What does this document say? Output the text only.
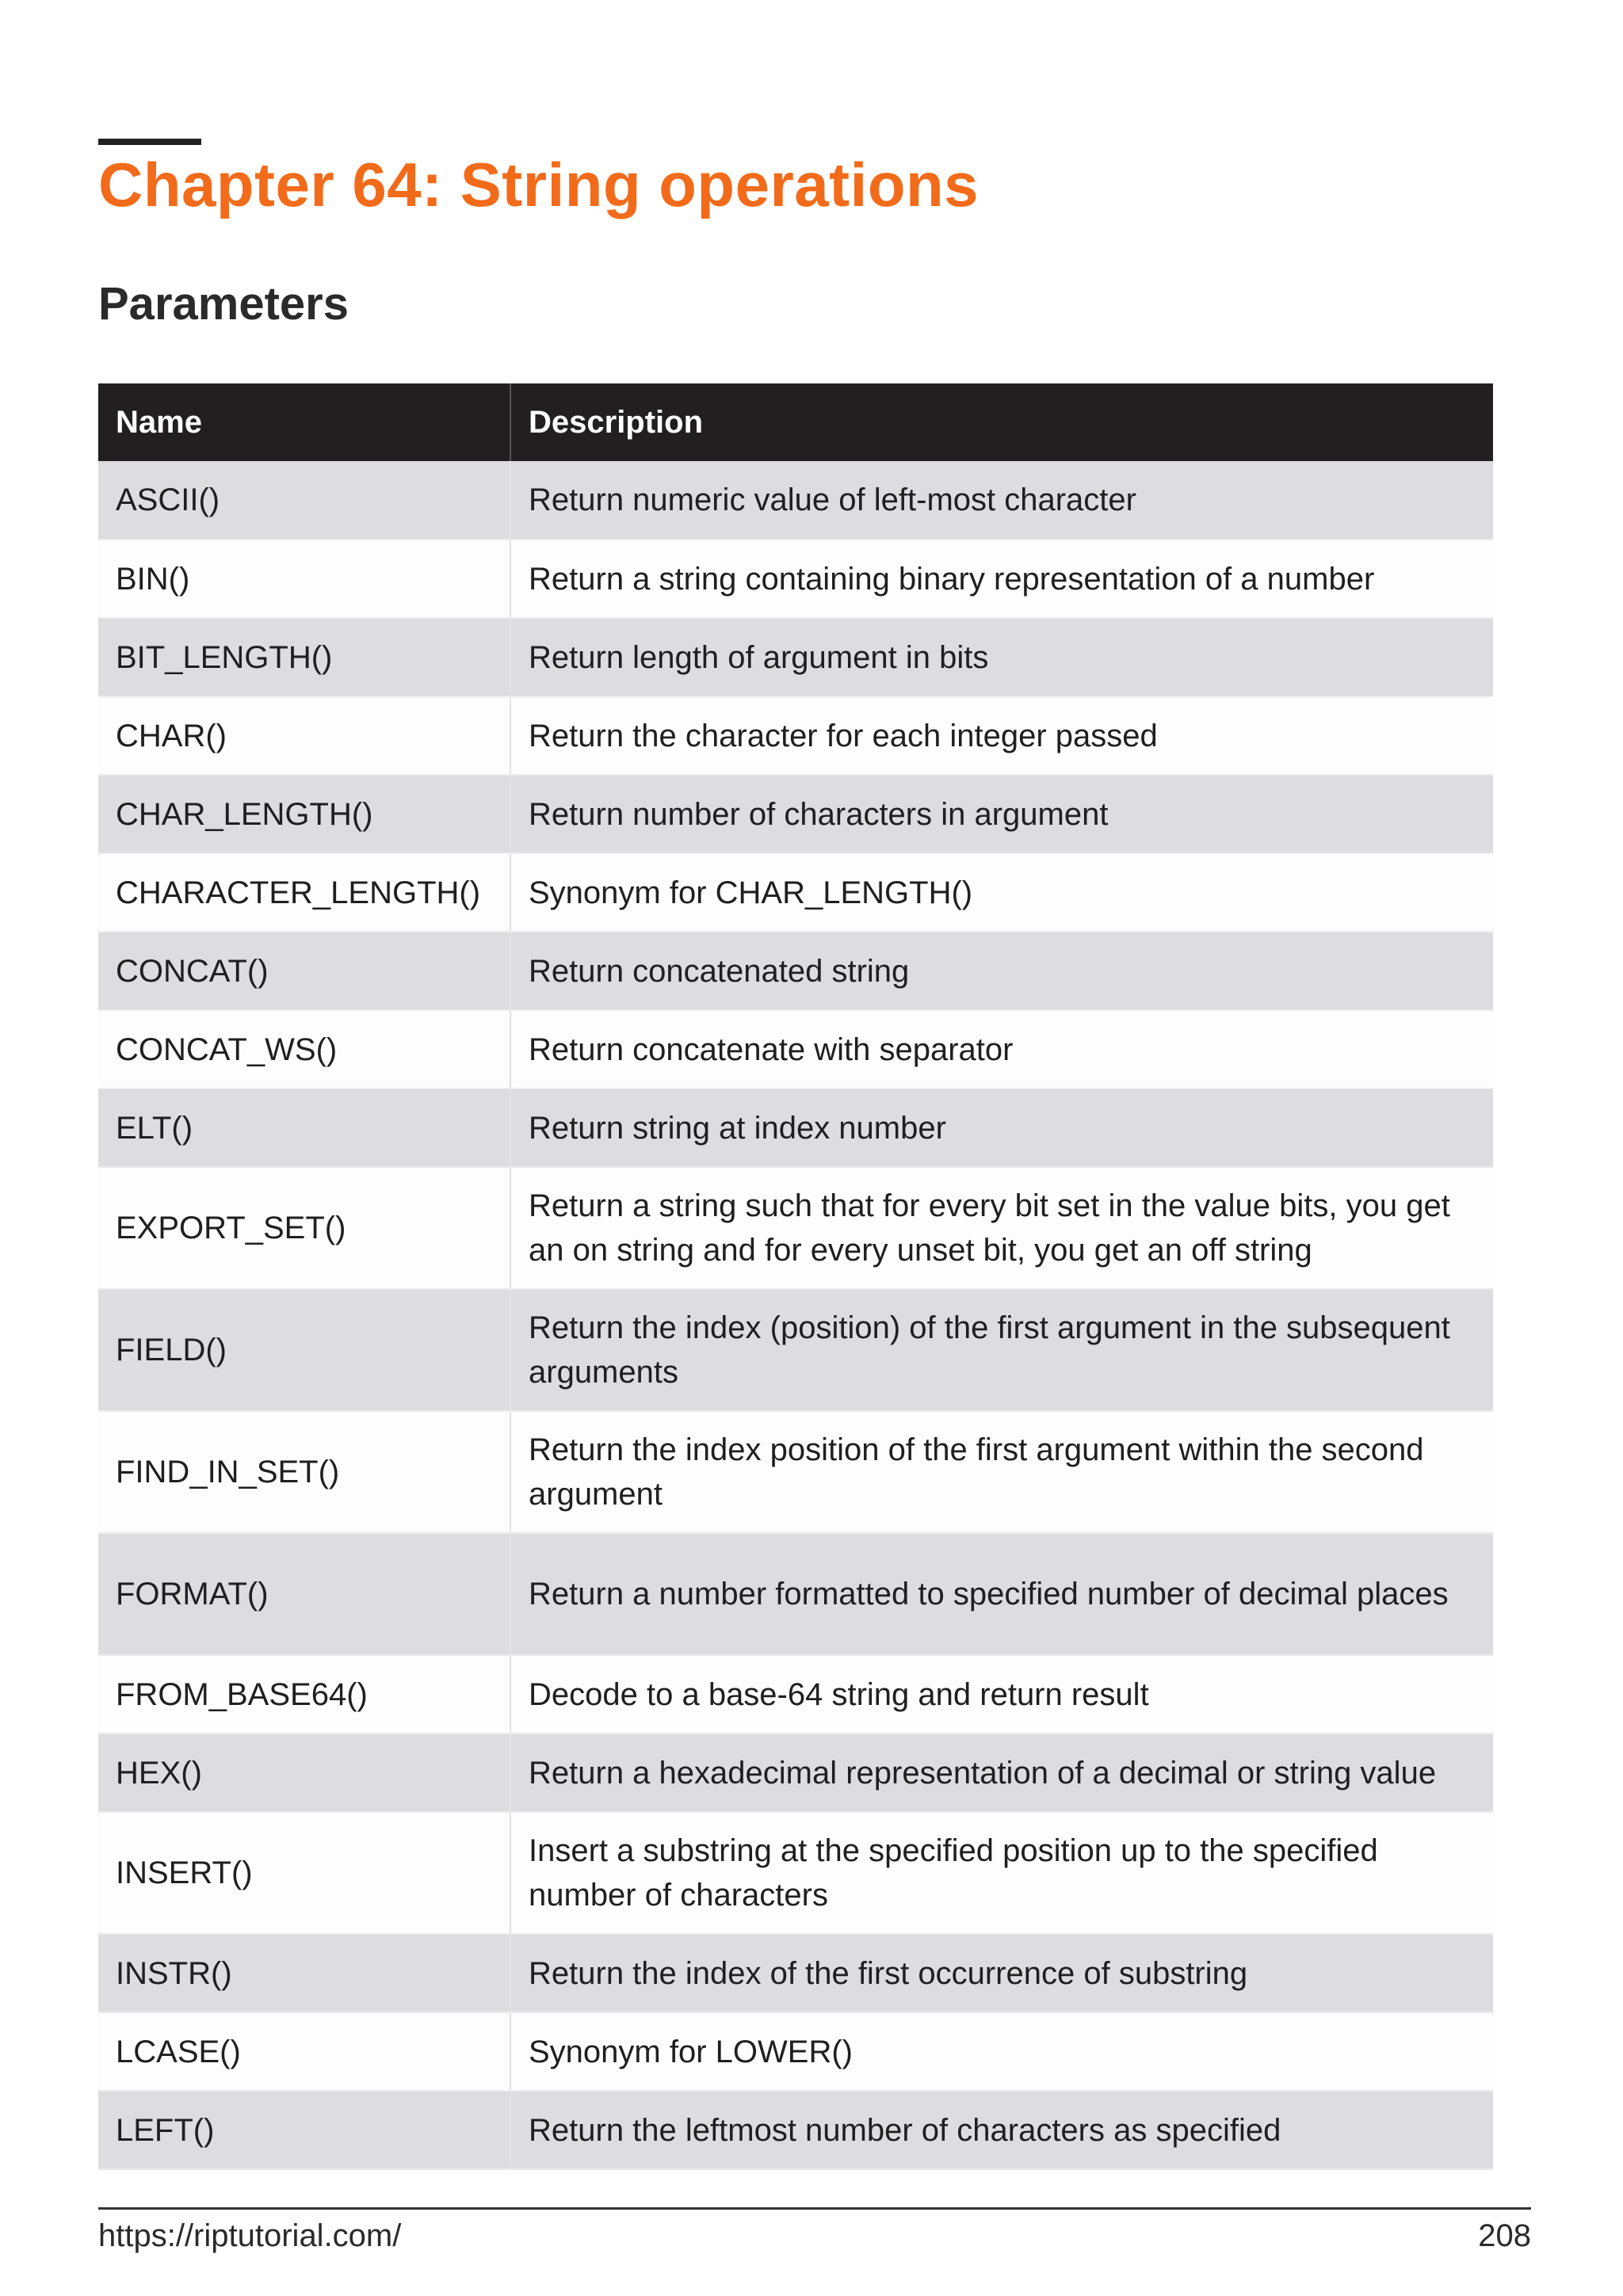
Chapter 64: String operations
Parameters
Name	Description
ASCII()	Return numeric value of left-most character
BIN()	Return a string containing binary representation of a number
BIT_LENGTH()	Return length of argument in bits
CHAR()	Return the character for each integer passed
CHAR_LENGTH()	Return number of characters in argument
CHARACTER_LENGTH()	Synonym for CHAR_LENGTH()
CONCAT()	Return concatenated string
CONCAT_WS()	Return concatenate with separator
ELT()	Return string at index number
EXPORT_SET()	Return a string such that for every bit set in the value bits, you get an on string and for every unset bit, you get an off string
FIELD()	Return the index (position) of the first argument in the subsequent arguments
FIND_IN_SET()	Return the index position of the first argument within the second argument
FORMAT()	Return a number formatted to specified number of decimal places
FROM_BASE64()	Decode to a base-64 string and return result
HEX()	Return a hexadecimal representation of a decimal or string value
INSERT()	Insert a substring at the specified position up to the specified number of characters
INSTR()	Return the index of the first occurrence of substring
LCASE()	Synonym for LOWER()
LEFT()	Return the leftmost number of characters as specified
https://riptutorial.com/	208
